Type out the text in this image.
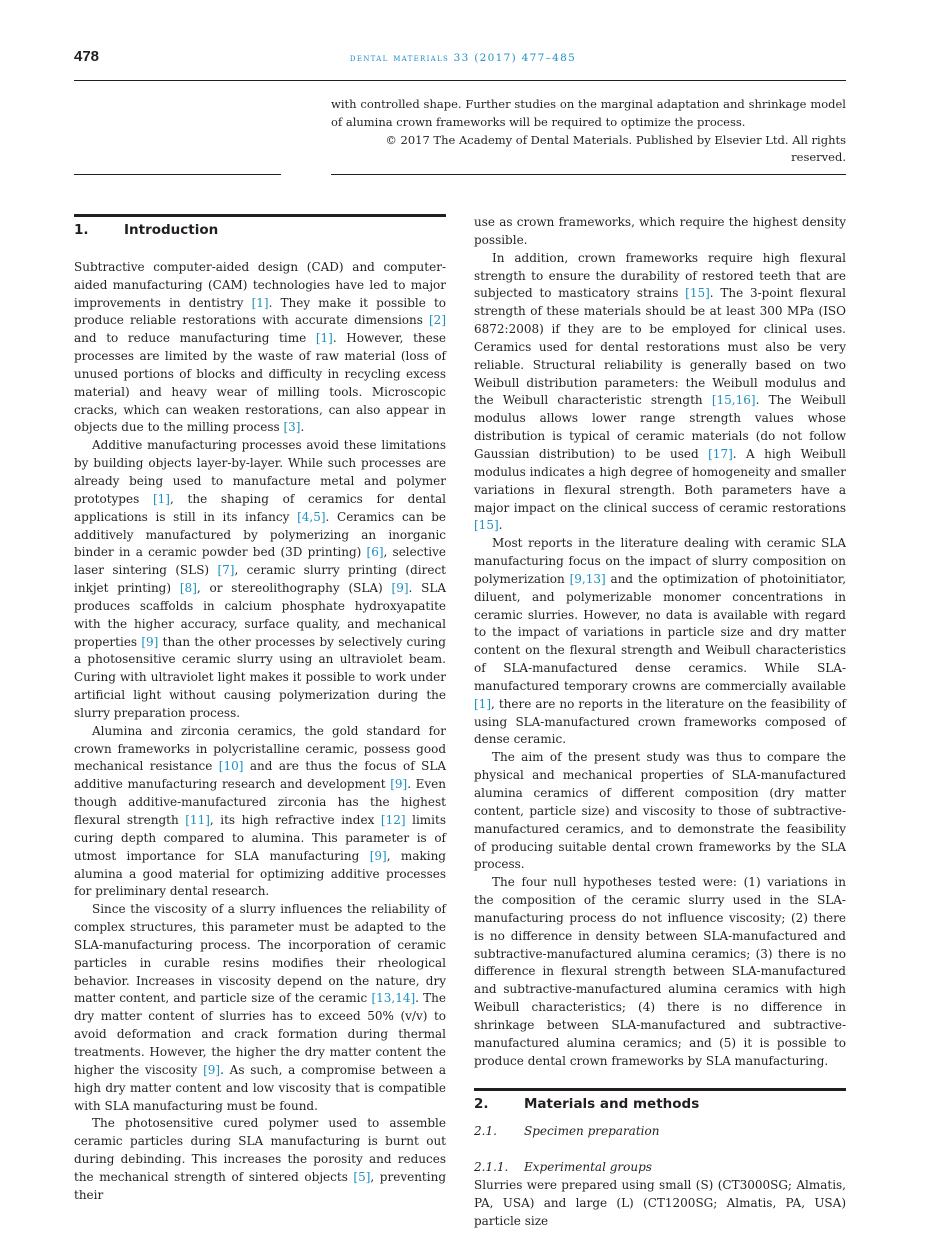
478	dental materials 33 (2017) 477–485

with controlled shape. Further studies on the marginal adaptation and shrinkage model of alumina crown frameworks will be required to optimize the process.

© 2017 The Academy of Dental Materials. Published by Elsevier Ltd. All rights reserved.

1.	Introduction

Subtractive computer-aided design (CAD) and computer-aided manufacturing (CAM) technologies have led to major improvements in dentistry [1]. They make it possible to produce reliable restorations with accurate dimensions [2] and to reduce manufacturing time [1]. However, these processes are limited by the waste of raw material (loss of unused portions of blocks and difficulty in recycling excess material) and heavy wear of milling tools. Microscopic cracks, which can weaken restorations, can also appear in objects due to the milling process [3].

Additive manufacturing processes avoid these limitations by building objects layer-by-layer. While such processes are already being used to manufacture metal and polymer prototypes [1], the shaping of ceramics for dental applications is still in its infancy [4,5]. Ceramics can be additively manufactured by polymerizing an inorganic binder in a ceramic powder bed (3D printing) [6], selective laser sintering (SLS) [7], ceramic slurry printing (direct inkjet printing) [8], or stereolithography (SLA) [9]. SLA produces scaffolds in calcium phosphate hydroxyapatite with the higher accuracy, surface quality, and mechanical properties [9] than the other processes by selectively curing a photosensitive ceramic slurry using an ultraviolet beam. Curing with ultraviolet light makes it possible to work under artificial light without causing polymerization during the slurry preparation process.

Alumina and zirconia ceramics, the gold standard for crown frameworks in polycristalline ceramic, possess good mechanical resistance [10] and are thus the focus of SLA additive manufacturing research and development [9]. Even though additive-manufactured zirconia has the highest flexural strength [11], its high refractive index [12] limits curing depth compared to alumina. This parameter is of utmost importance for SLA manufacturing [9], making alumina a good material for optimizing additive processes for preliminary dental research.

Since the viscosity of a slurry influences the reliability of complex structures, this parameter must be adapted to the SLA-manufacturing process. The incorporation of ceramic particles in curable resins modifies their rheological behavior. Increases in viscosity depend on the nature, dry matter content, and particle size of the ceramic [13,14]. The dry matter content of slurries has to exceed 50% (v/v) to avoid deformation and crack formation during thermal treatments. However, the higher the dry matter content the higher the viscosity [9]. As such, a compromise between a high dry matter content and low viscosity that is compatible with SLA manufacturing must be found.

The photosensitive cured polymer used to assemble ceramic particles during SLA manufacturing is burnt out during debinding. This increases the porosity and reduces the mechanical strength of sintered objects [5], preventing their

use as crown frameworks, which require the highest density possible.

In addition, crown frameworks require high flexural strength to ensure the durability of restored teeth that are subjected to masticatory strains [15]. The 3-point flexural strength of these materials should be at least 300 MPa (ISO 6872:2008) if they are to be employed for clinical uses. Ceramics used for dental restorations must also be very reliable. Structural reliability is generally based on two Weibull distribution parameters: the Weibull modulus and the Weibull characteristic strength [15,16]. The Weibull modulus allows lower range strength values whose distribution is typical of ceramic materials (do not follow Gaussian distribution) to be used [17]. A high Weibull modulus indicates a high degree of homogeneity and smaller variations in flexural strength. Both parameters have a major impact on the clinical success of ceramic restorations [15].

Most reports in the literature dealing with ceramic SLA manufacturing focus on the impact of slurry composition on polymerization [9,13] and the optimization of photoinitiator, diluent, and polymerizable monomer concentrations in ceramic slurries. However, no data is available with regard to the impact of variations in particle size and dry matter content on the flexural strength and Weibull characteristics of SLA-manufactured dense ceramics. While SLA-manufactured temporary crowns are commercially available [1], there are no reports in the literature on the feasibility of using SLA-manufactured crown frameworks composed of dense ceramic.

The aim of the present study was thus to compare the physical and mechanical properties of SLA-manufactured alumina ceramics of different composition (dry matter content, particle size) and viscosity to those of subtractive-manufactured ceramics, and to demonstrate the feasibility of producing suitable dental crown frameworks by the SLA process.

The four null hypotheses tested were: (1) variations in the composition of the ceramic slurry used in the SLA-manufacturing process do not influence viscosity; (2) there is no difference in density between SLA-manufactured and subtractive-manufactured alumina ceramics; (3) there is no difference in flexural strength between SLA-manufactured and subtractive-manufactured alumina ceramics with high Weibull characteristics; (4) there is no difference in shrinkage between SLA-manufactured and subtractive-manufactured alumina ceramics; and (5) it is possible to produce dental crown frameworks by SLA manufacturing.

2.	Materials and methods
2.1.	Specimen preparation
2.1.1.	Experimental groups

Slurries were prepared using small (S) (CT3000SG; Almatis, PA, USA) and large (L) (CT1200SG; Almatis, PA, USA) particle size
